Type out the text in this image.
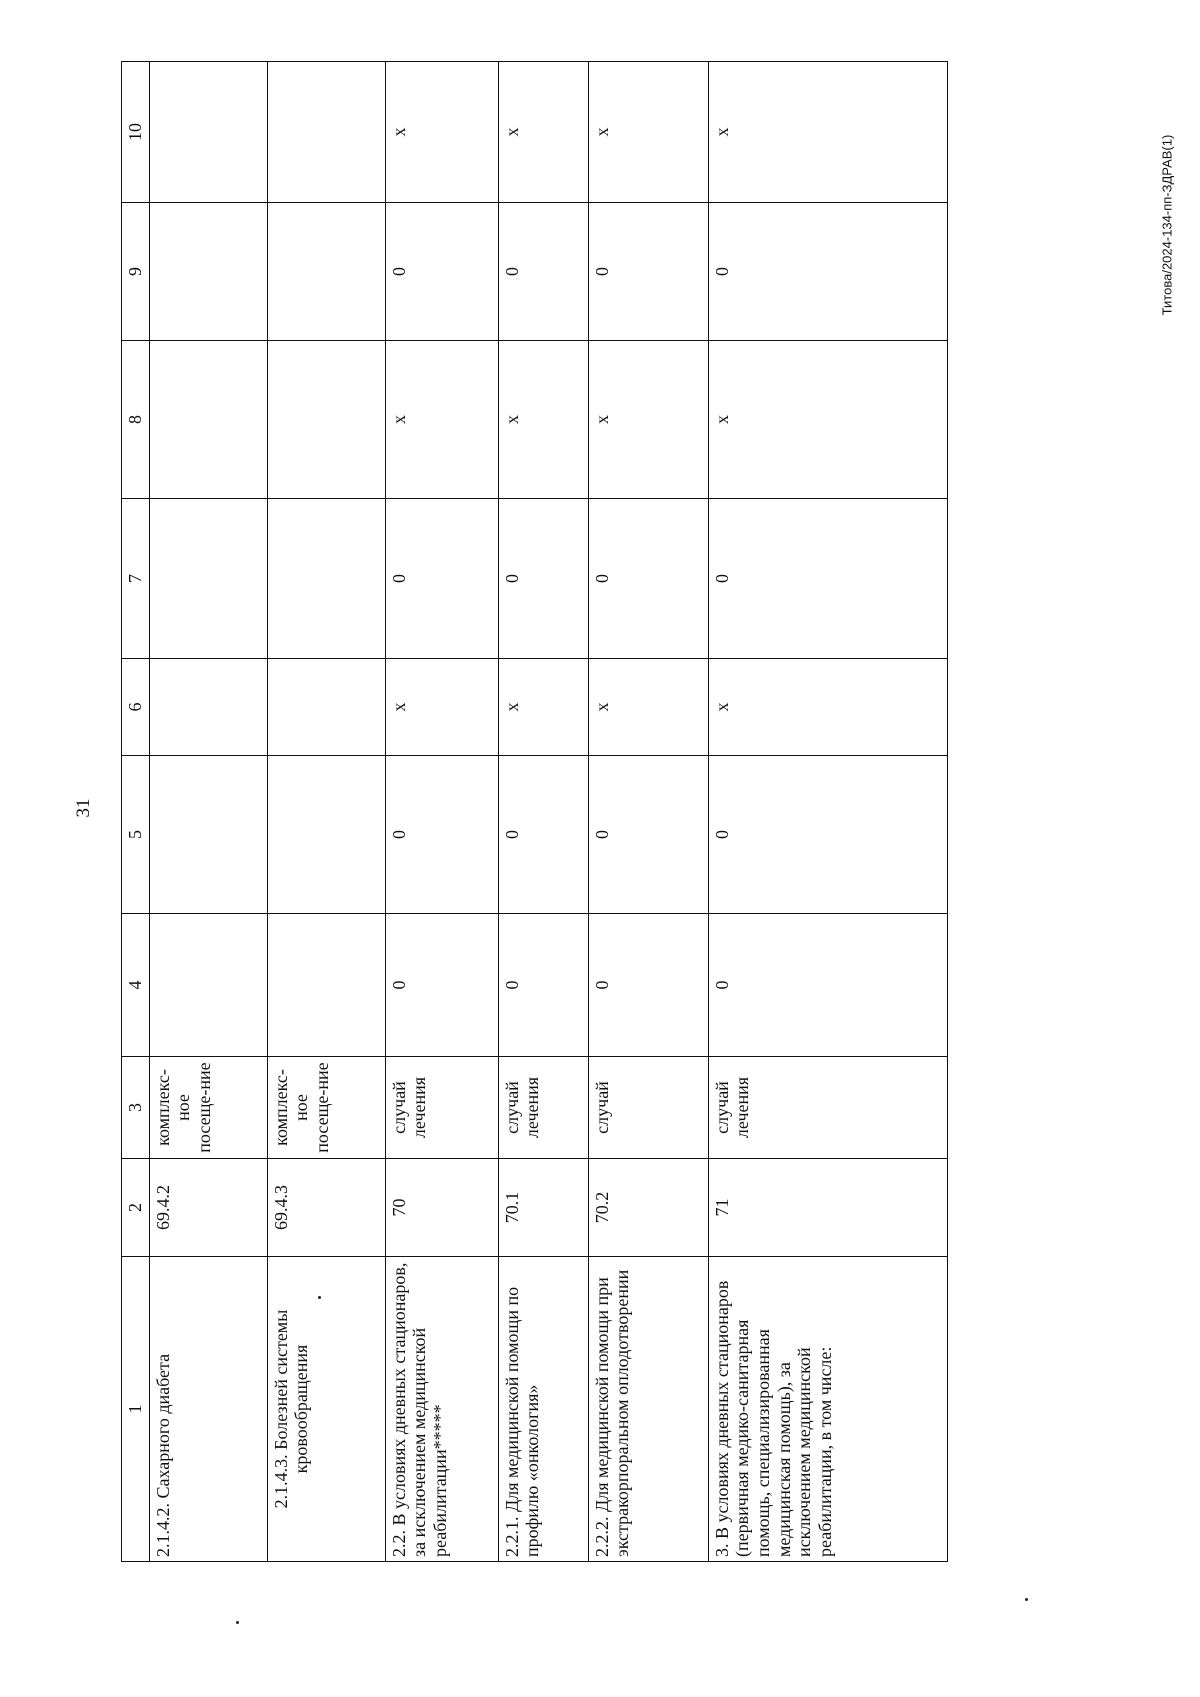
31
Титова/2024-134-пп-ЗДРАВ(1)
1	2	3	4	5	6	7	8	9	10
2.1.4.2. Сахарного диабета	69.4.2	комплекс-ное посеще-ние							
2.1.4.3. Болезней системы кровообращения	69.4.3	комплекс-ное посеще-ние							
2.2. В условиях дневных стационаров, за исключением медицинской реабилитации*****	70	случай лечения	0	0	x	0	x	0	x
2.2.1. Для медицинской помощи по профилю «онкология»	70.1	случай лечения	0	0	x	0	x	0	x
2.2.2. Для медицинской помощи при экстракорпоральном оплодотворении	70.2	случай	0	0	x	0	x	0	x
3. В условиях дневных стационаров (первичная медико-санитарная помощь, специализированная медицинская помощь), за исключением медицинской реабилитации, в том числе:	71	случай лечения	0	0	x	0	x	0	x
